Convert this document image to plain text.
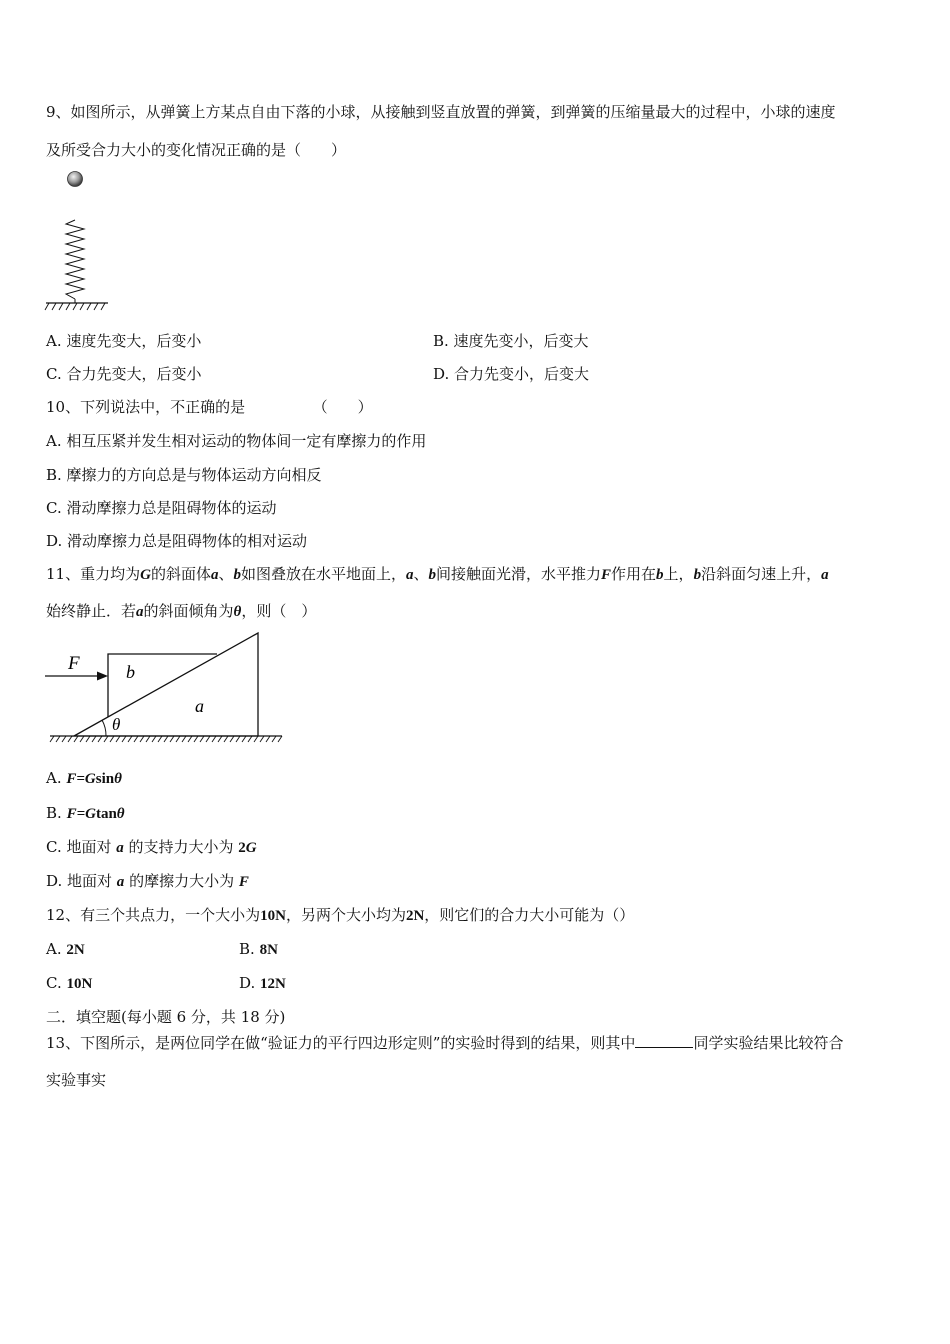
9、如图所示，从弹簧上方某点自由下落的小球，从接触到竖直放置的弹簧，到弹簧的压缩量最大的过程中，小球的速度
及所受合力大小的变化情况正确的是（　　）
A. 速度先变大，后变小	B. 速度先变小，后变大
C. 合力先变大，后变小	D. 合力先变小，后变大
10、下列说法中，不正确的是　　　　　（　　）
A. 相互压紧并发生相对运动的物体间一定有摩擦力的作用
B. 摩擦力的方向总是与物体运动方向相反
C. 滑动摩擦力总是阻碍物体的运动
D. 滑动摩擦力总是阻碍物体的相对运动
11、重力均为G的斜面体a、b如图叠放在水平地面上，a、b间接触面光滑，水平推力F作用在b上，b沿斜面匀速上升，a
始终静止．若a的斜面倾角为θ，则（　）
F	b
a
θ
A. F=Gsinθ
B. F=Gtanθ
C. 地面对 a 的支持力大小为 2G
D. 地面对 a 的摩擦力大小为 F
12、有三个共点力，一个大小为10N，另两个大小均为2N，则它们的合力大小可能为（）
A. 2N	B. 8N
C. 10N	D. 12N
二．填空题(每小题 6 分，共 18 分)
13、下图所示，是两位同学在做“验证力的平行四边形定则”的实验时得到的结果，则其中	同学实验结果比较符合
实验事实
